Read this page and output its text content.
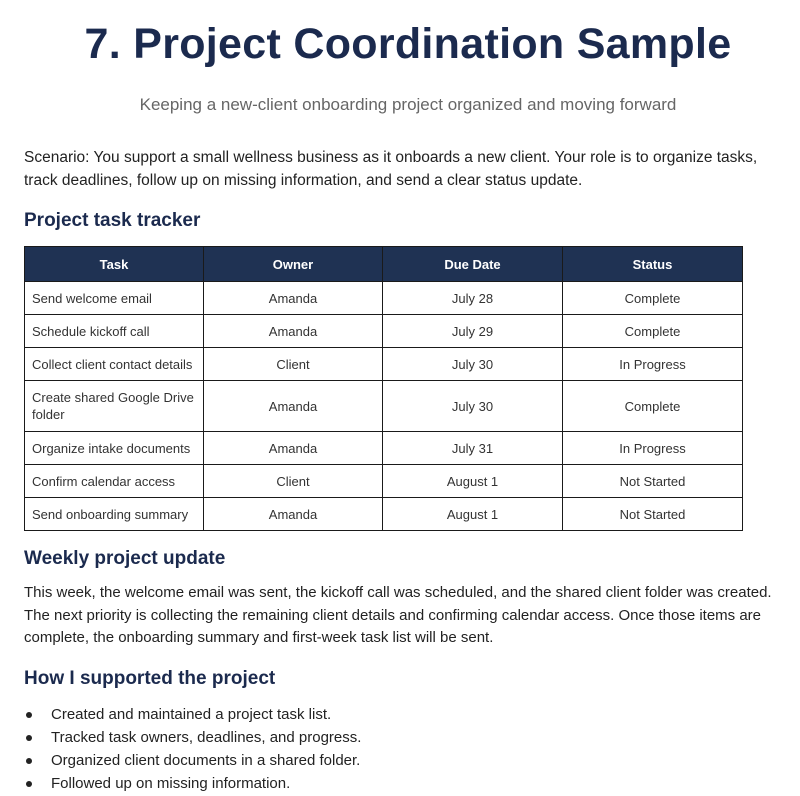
7. Project Coordination Sample
Keeping a new-client onboarding project organized and moving forward

Scenario: You support a small wellness business as it onboards a new client. Your role is to organize tasks, track deadlines, follow up on missing information, and send a clear status update.

Project task tracker
Task	Owner	Due Date	Status
Send welcome email	Amanda	July 28	Complete
Schedule kickoff call	Amanda	July 29	Complete
Collect client contact details	Client	July 30	In Progress
Create shared Google Drive folder	Amanda	July 30	Complete
Organize intake documents	Amanda	July 31	In Progress
Confirm calendar access	Client	August 1	Not Started
Send onboarding summary	Amanda	August 1	Not Started
Weekly project update

This week, the welcome email was sent, the kickoff call was scheduled, and the shared client folder was created. The next priority is collecting the remaining client details and confirming calendar access. Once those items are complete, the onboarding summary and first-week task list will be sent.

How I supported the project
Created and maintained a project task list.
Tracked task owners, deadlines, and progress.
Organized client documents in a shared folder.
Followed up on missing information.
